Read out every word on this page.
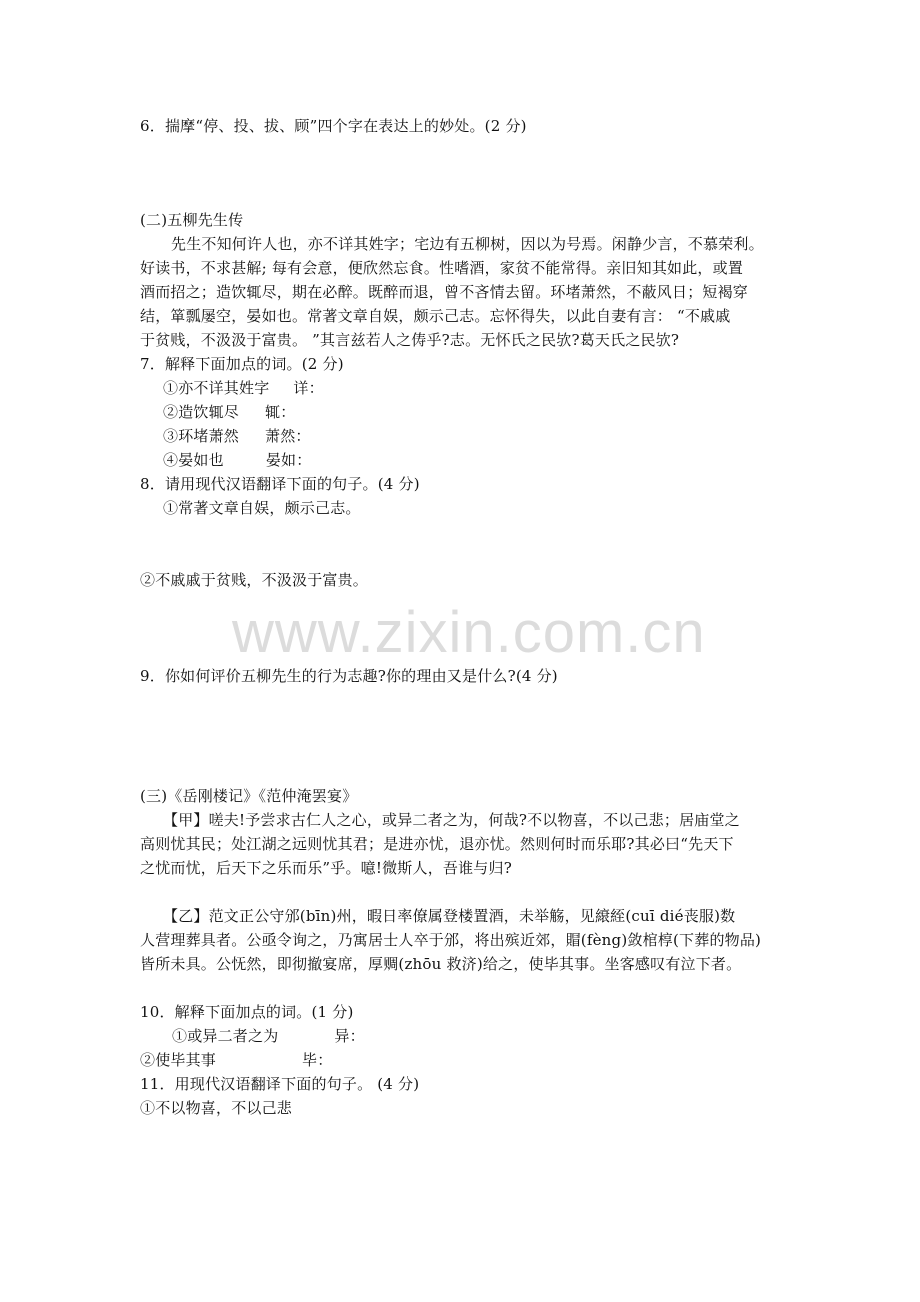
www.zixin.com.cn
6．揣摩“停、投、拔、顾”四个字在表达上的妙处。(2 分)
(二)五柳先生传
先生不知何许人也，亦不详其姓字；宅边有五柳树，因以为号焉。闲静少言，不慕荣利。
好读书，不求甚解; 每有会意，便欣然忘食。性嗜酒，家贫不能常得。亲旧知其如此，或置
酒而招之；造饮辄尽，期在必醉。既醉而退，曾不吝情去留。环堵萧然，不蔽风日；短褐穿
结，箪瓢屡空，晏如也。常著文章自娱，颇示己志。忘怀得失，以此自妻有言： “不戚戚
于贫贱，不汲汲于富贵。 ”其言兹若人之俦乎?志。无怀氏之民欤?葛天氏之民欤?
7．解释下面加点的词。(2 分)
①亦不详其姓字 详：
②造饮辄尽 辄：
③环堵萧然 萧然：
④晏如也	晏如：
8．请用现代汉语翻译下面的句子。(4 分)
①常著文章自娱，颇示己志。
②不戚戚于贫贱，不汲汲于富贵。
9．你如何评价五柳先生的行为志趣?你的理由又是什么?(4 分)
(三)《岳刚楼记》《范仲淹罢宴》
【甲】嗟夫!予尝求古仁人之心，或异二者之为，何哉?不以物喜，不以己悲；居庙堂之
高则忧其民；处江湖之远则忧其君；是进亦忧，退亦忧。然则何时而乐耶?其必曰“先天下
之忧而忧，后天下之乐而乐”乎。噫!微斯人，吾谁与归?
【乙】范文正公守邠(bīn)州，暇日率僚属登楼置酒，未举觞，见縗絰(cuī dié丧服)数
人营理葬具者。公亟令询之，乃寓居士人卒于邠，将出殡近郊，賵(fèng)敛棺椁(下葬的物品)
皆所未具。公怃然，即彻撤宴席，厚赒(zhōu 救济)给之，使毕其事。坐客感叹有泣下者。
10．解释下面加点的词。(1 分)
①或异二者之为	异：
②使毕其事	毕：
11．用现代汉语翻译下面的句子。 (4 分)
①不以物喜，不以己悲
